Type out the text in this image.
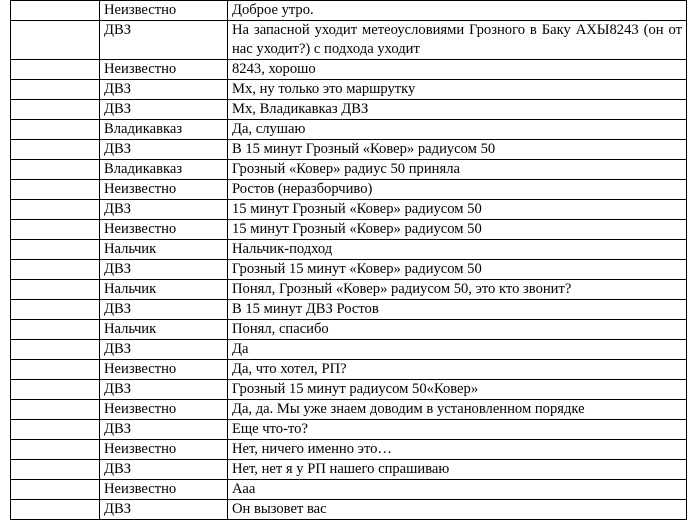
	Неизвестно	Доброе утро.
	ДВЗ	На запасной уходит метеоусловиями Грозного в Баку АХЫ8243 (он от нас уходит?) с подхода уходит
	Неизвестно	8243, хорошо
	ДВЗ	Мх, ну только это маршрутку
	ДВЗ	Мх, Владикавказ ДВЗ
	Владикавказ	Да, слушаю
	ДВЗ	В 15 минут Грозный «Ковер» радиусом 50
	Владикавказ	Грозный «Ковер» радиус 50 приняла
	Неизвестно	Ростов (неразборчиво)
	ДВЗ	15 минут Грозный «Ковер» радиусом 50
	Неизвестно	15 минут Грозный «Ковер» радиусом 50
	Нальчик	Нальчик-подход
	ДВЗ	Грозный 15 минут «Ковер» радиусом 50
	Нальчик	Понял, Грозный «Ковер» радиусом 50, это кто звонит?
	ДВЗ	В 15 минут ДВЗ Ростов
	Нальчик	Понял, спасибо
	ДВЗ	Да
	Неизвестно	Да, что хотел, РП?
	ДВЗ	Грозный 15 минут радиусом 50«Ковер»
	Неизвестно	Да, да. Мы уже знаем доводим в установленном порядке
	ДВЗ	Еще что-то?
	Неизвестно	Нет, ничего именно это…
	ДВЗ	Нет, нет я у РП нашего спрашиваю
	Неизвестно	Ааа
	ДВЗ	Он вызовет вас
